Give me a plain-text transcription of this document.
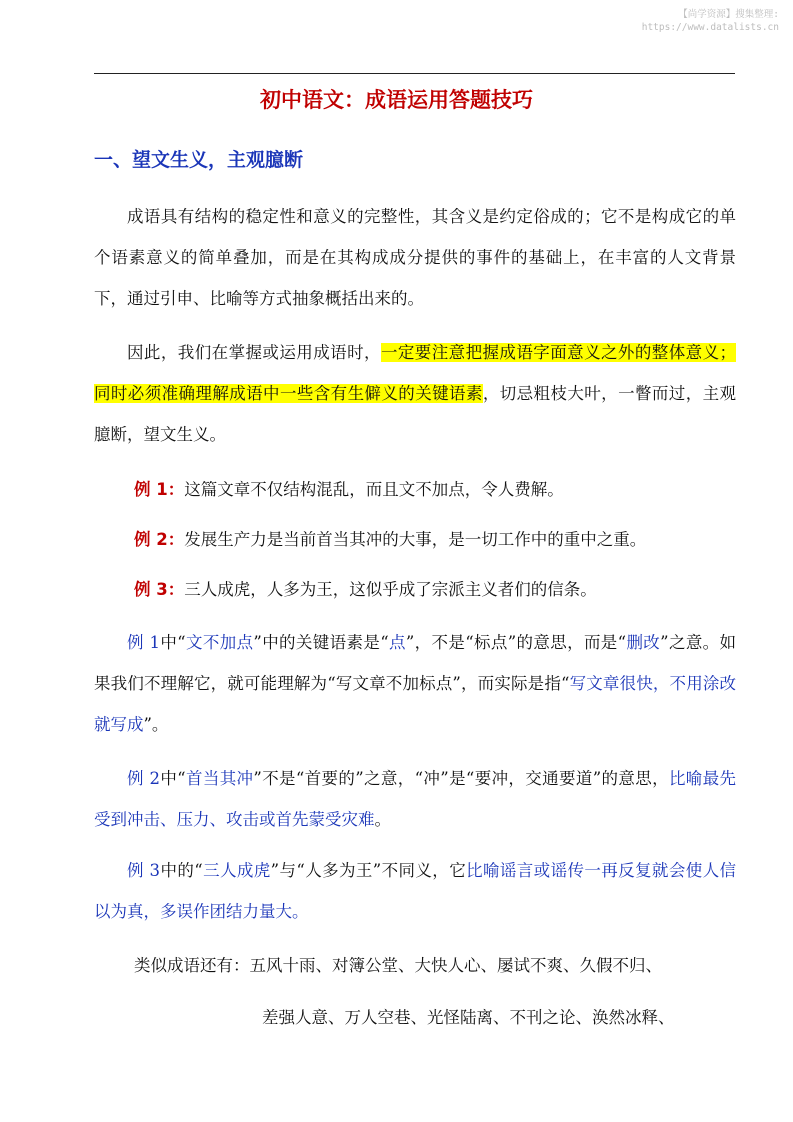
【尚学资源】搜集整理:
https://www.datalists.cn
初中语文：成语运用答题技巧
一、望文生义，主观臆断
成语具有结构的稳定性和意义的完整性，其含义是约定俗成的；它不是构成它的单个语素意义的简单叠加，而是在其构成成分提供的事件的基础上，在丰富的人文背景下，通过引申、比喻等方式抽象概括出来的。
因此，我们在掌握或运用成语时，一定要注意把握成语字面意义之外的整体意义；同时必须准确理解成语中一些含有生僻义的关键语素，切忌粗枝大叶，一瞥而过，主观臆断，望文生义。
例 1：这篇文章不仅结构混乱，而且文不加点，令人费解。
例 2：发展生产力是当前首当其冲的大事，是一切工作中的重中之重。
例 3：三人成虎，人多为王，这似乎成了宗派主义者们的信条。
例 1中“文不加点”中的关键语素是“点”，不是“标点”的意思，而是“删改”之意。如果我们不理解它，就可能理解为“写文章不加标点”，而实际是指“写文章很快，不用涂改就写成”。
例 2中“首当其冲”不是“首要的”之意，“冲”是“要冲，交通要道”的意思，比喻最先受到冲击、压力、攻击或首先蒙受灾难。
例 3中的“三人成虎”与“人多为王”不同义，它比喻谣言或谣传一再反复就会使人信以为真，多误作团结力量大。
类似成语还有：五风十雨、对簿公堂、大快人心、屡试不爽、久假不归、
差强人意、万人空巷、光怪陆离、不刊之论、涣然冰释、
